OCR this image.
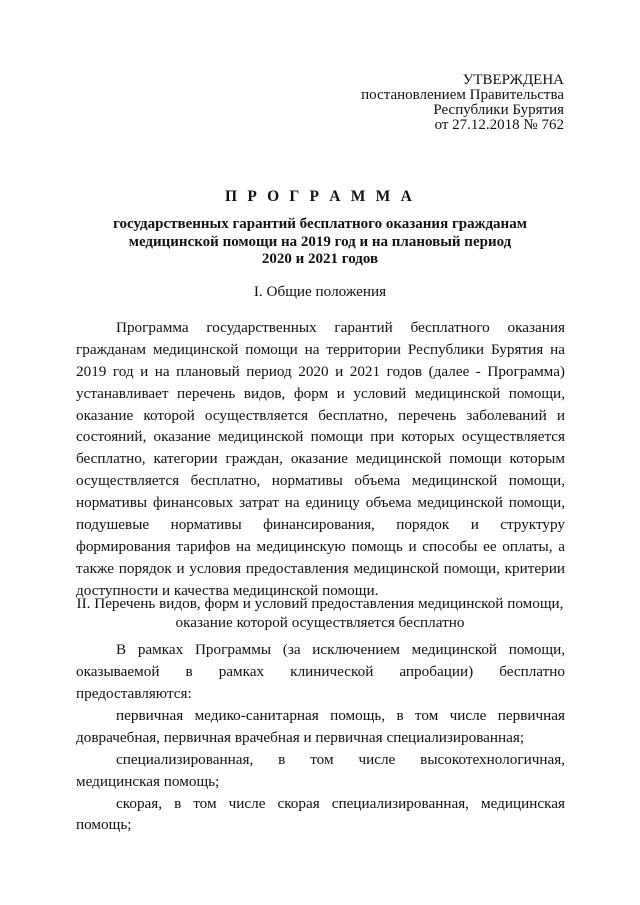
УТВЕРЖДЕНА
постановлением Правительства
Республики Бурятия
от 27.12.2018 № 762
П Р О Г Р А М М А
государственных гарантий бесплатного оказания гражданам
медицинской помощи на 2019 год и на плановый период
2020 и 2021 годов
I. Общие положения
Программа государственных гарантий бесплатного оказания
гражданам медицинской помощи на территории Республики Бурятия на
2019 год и на плановый период 2020 и 2021 годов (далее - Программа)
устанавливает перечень видов, форм и условий медицинской помощи,
оказание которой осуществляется бесплатно, перечень заболеваний и
состояний, оказание медицинской помощи при которых осуществляется
бесплатно, категории граждан, оказание медицинской помощи которым
осуществляется бесплатно, нормативы объема медицинской помощи,
нормативы финансовых затрат на единицу объема медицинской помощи,
подушевые нормативы финансирования, порядок и структуру
формирования тарифов на медицинскую помощь и способы ее оплаты, а
также порядок и условия предоставления медицинской помощи, критерии
доступности и качества медицинской помощи.
II. Перечень видов, форм и условий предоставления медицинской помощи,
оказание которой осуществляется бесплатно
В рамках Программы (за исключением медицинской помощи,
оказываемой в рамках клинической апробации) бесплатно
предоставляются:
первичная медико-санитарная помощь, в том числе первичная
доврачебная, первичная врачебная и первичная специализированная;
специализированная, в том числе высокотехнологичная,
медицинская помощь;
скорая, в том числе скорая специализированная, медицинская
помощь;
